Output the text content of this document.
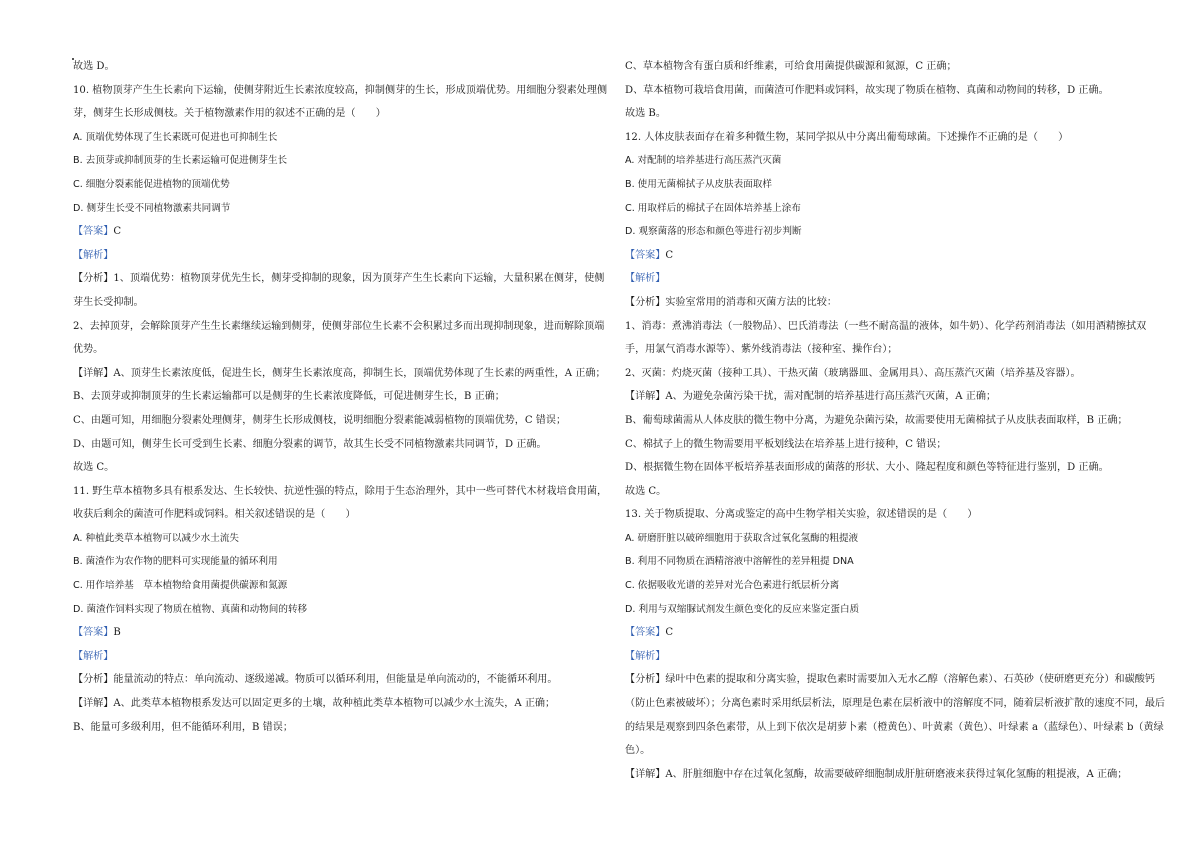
故选 D。
10. 植物顶芽产生生长素向下运输，使侧芽附近生长素浓度较高，抑制侧芽的生长，形成顶端优势。用细胞分裂素处理侧芽，侧芽生长形成侧枝。关于植物激素作用的叙述不正确的是（　　）
A. 顶端优势体现了生长素既可促进也可抑制生长
B. 去顶芽或抑制顶芽的生长素运输可促进侧芽生长
C. 细胞分裂素能促进植物的顶端优势
D. 侧芽生长受不同植物激素共同调节
【答案】C
【解析】
【分析】1、顶端优势：植物顶芽优先生长，侧芽受抑制的现象，因为顶芽产生生长素向下运输，大量积累在侧芽，使侧芽生长受抑制。
2、去掉顶芽，会解除顶芽产生生长素继续运输到侧芽，使侧芽部位生长素不会积累过多而出现抑制现象，进而解除顶端优势。
【详解】A、顶芽生长素浓度低，促进生长，侧芽生长素浓度高，抑制生长，顶端优势体现了生长素的两重性，A 正确；
B、去顶芽或抑制顶芽的生长素运输都可以是侧芽的生长素浓度降低，可促进侧芽生长，B 正确；
C、由题可知，用细胞分裂素处理侧芽，侧芽生长形成侧枝，说明细胞分裂素能减弱植物的顶端优势，C 错误；
D、由题可知，侧芽生长可受到生长素、细胞分裂素的调节，故其生长受不同植物激素共同调节，D 正确。
故选 C。
11. 野生草本植物多具有根系发达、生长较快、抗逆性强的特点，除用于生态治理外，其中一些可替代木材栽培食用菌，收获后剩余的菌渣可作肥料或饲料。相关叙述错误的是（　　）
A. 种植此类草本植物可以减少水土流失
B. 菌渣作为农作物的肥料可实现能量的循环利用
C. 用作培养基　草本植物给食用菌提供碳源和氮源
D. 菌渣作饲料实现了物质在植物、真菌和动物间的转移
【答案】B
【解析】
【分析】能量流动的特点：单向流动、逐级递减。物质可以循环利用，但能量是单向流动的，不能循环利用。
【详解】A、此类草本植物根系发达可以固定更多的土壤，故种植此类草本植物可以减少水土流失，A 正确；
B、能量可多级利用，但不能循环利用，B 错误；
C、草本植物含有蛋白质和纤维素，可给食用菌提供碳源和氮源，C 正确；
D、草本植物可栽培食用菌，而菌渣可作肥料或饲料，故实现了物质在植物、真菌和动物间的转移，D 正确。
故选 B。
12. 人体皮肤表面存在着多种微生物，某同学拟从中分离出葡萄球菌。下述操作不正确的是（　　）
A. 对配制的培养基进行高压蒸汽灭菌
B. 使用无菌棉拭子从皮肤表面取样
C. 用取样后的棉拭子在固体培养基上涂布
D. 观察菌落的形态和颜色等进行初步判断
【答案】C
【解析】
【分析】实验室常用的消毒和灭菌方法的比较：
1、消毒：煮沸消毒法（一般物品）、巴氏消毒法（一些不耐高温的液体，如牛奶）、化学药剂消毒法（如用酒精擦拭双手，用氯气消毒水源等）、紫外线消毒法（接种室、操作台）；
2、灭菌：灼烧灭菌（接种工具）、干热灭菌（玻璃器皿、金属用具）、高压蒸汽灭菌（培养基及容器）。
【详解】A、为避免杂菌污染干扰，需对配制的培养基进行高压蒸汽灭菌，A 正确；
B、葡萄球菌需从人体皮肤的微生物中分离，为避免杂菌污染，故需要使用无菌棉拭子从皮肤表面取样，B 正确；
C、棉拭子上的微生物需要用平板划线法在培养基上进行接种，C 错误；
D、根据微生物在固体平板培养基表面形成的菌落的形状、大小、隆起程度和颜色等特征进行鉴别，D 正确。
故选 C。
13. 关于物质提取、分离或鉴定的高中生物学相关实验，叙述错误的是（　　）
A. 研磨肝脏以破碎细胞用于获取含过氧化氢酶的粗提液
B. 利用不同物质在酒精溶液中溶解性的差异粗提 DNA
C. 依据吸收光谱的差异对光合色素进行纸层析分离
D. 利用与双缩脲试剂发生颜色变化的反应来鉴定蛋白质
【答案】C
【解析】
【分析】绿叶中色素的提取和分离实验，提取色素时需要加入无水乙醇（溶解色素）、石英砂（使研磨更充分）和碳酸钙（防止色素被破坏）；分离色素时采用纸层析法，原理是色素在层析液中的溶解度不同，随着层析液扩散的速度不同，最后的结果是观察到四条色素带，从上到下依次是胡萝卜素（橙黄色）、叶黄素（黄色）、叶绿素 a（蓝绿色）、叶绿素 b（黄绿色）。
【详解】A、肝脏细胞中存在过氧化氢酶，故需要破碎细胞制成肝脏研磨液来获得过氧化氢酶的粗提液，A 正确；
